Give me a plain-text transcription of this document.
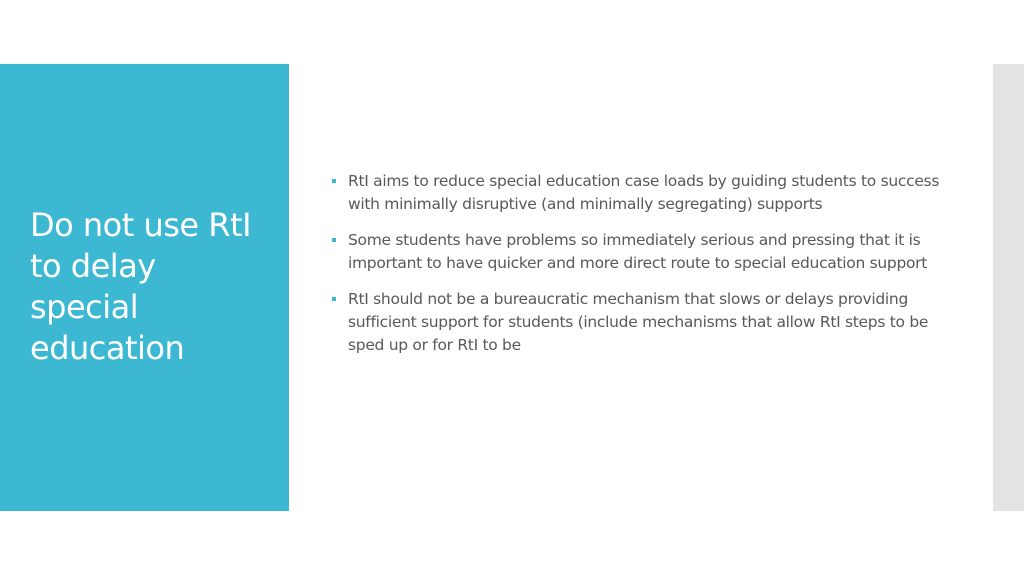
Do not use RtI
to delay
special
education
RtI aims to reduce special education case loads by guiding students to success with minimally disruptive (and minimally segregating) supports
Some students have problems so immediately serious and pressing that it is important to have quicker and more direct route to special education support
RtI should not be a bureaucratic mechanism that slows or delays providing sufficient support for students (include mechanisms that allow RtI steps to be sped up or for RtI to be
